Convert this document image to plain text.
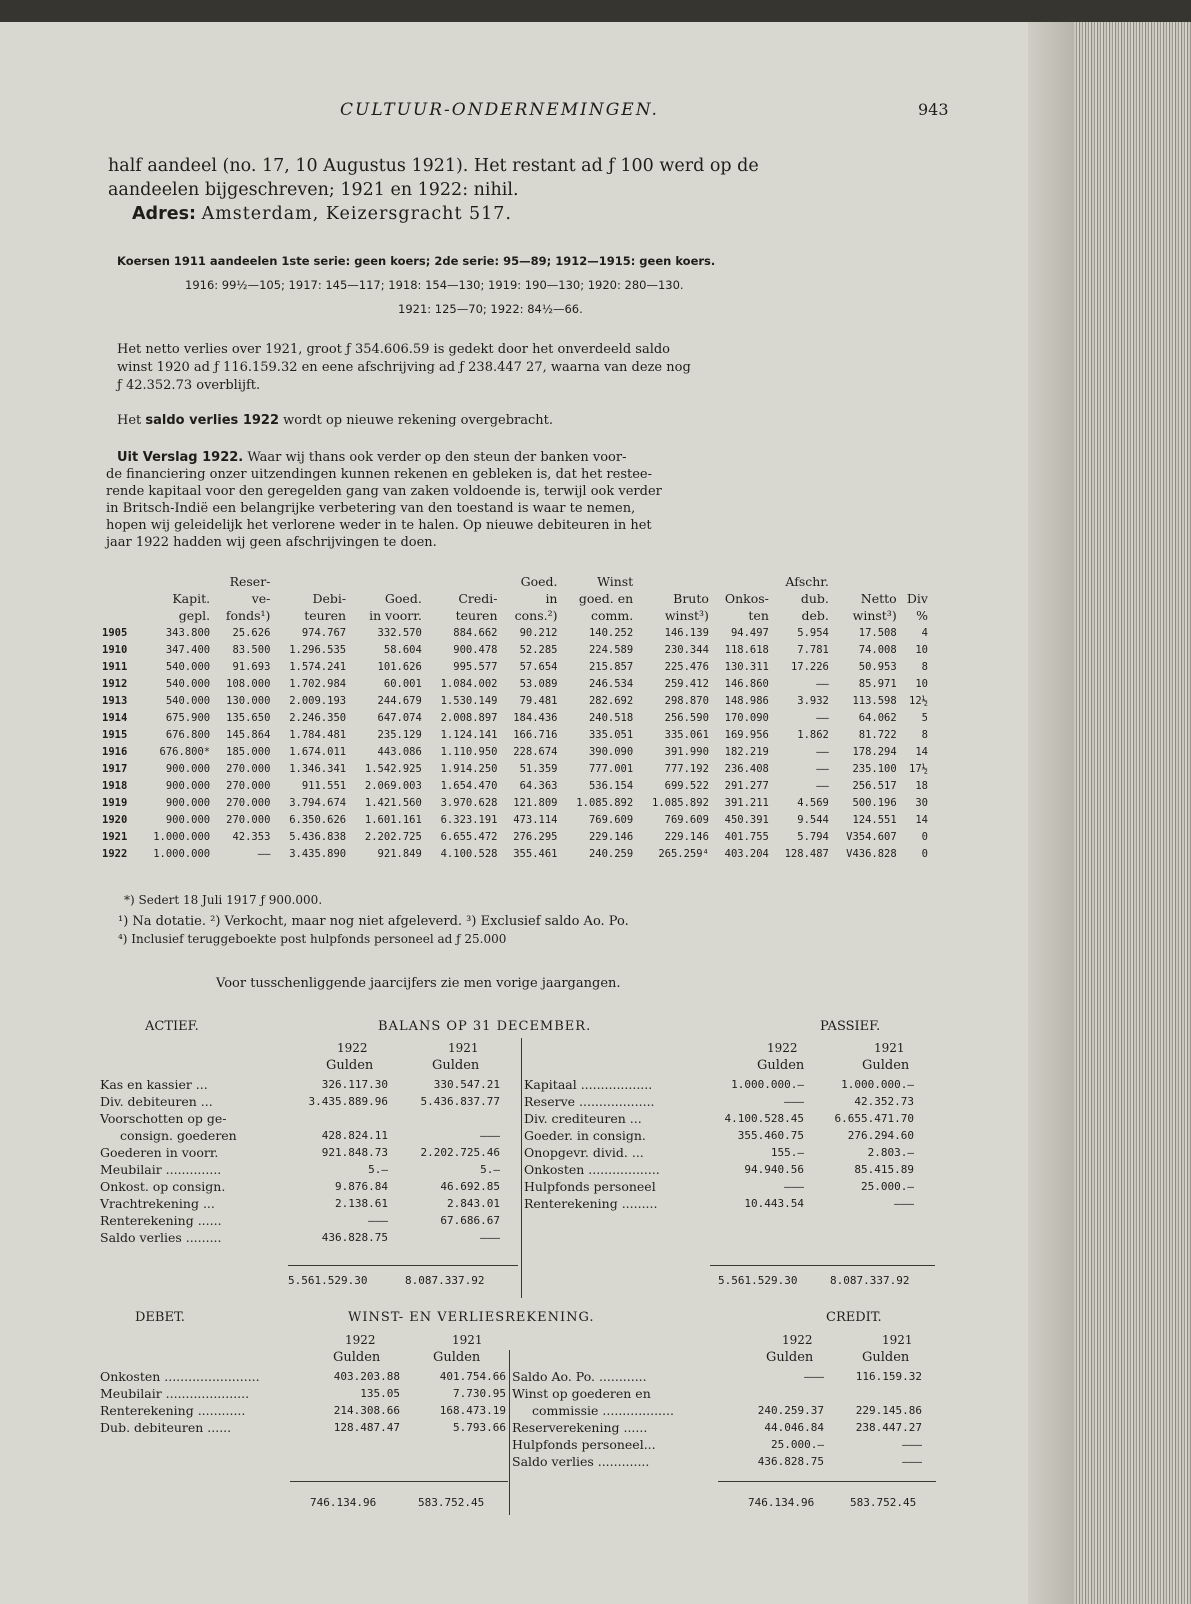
CULTUUR-ONDERNEMINGEN.	943
half aandeel (no. 17, 10 Augustus 1921). Het restant ad ƒ 100 werd op de
aandeelen bijgeschreven; 1921 en 1922: nihil.
Adres: Amsterdam, Keizersgracht 517.
Koersen 1911 aandeelen 1ste serie: geen koers; 2de serie: 95—89; 1912—1915: geen koers.
1916: 99½—105; 1917: 145—117; 1918: 154—130; 1919: 190—130; 1920: 280—130.
1921: 125—70; 1922: 84½—66.
Het netto verlies over 1921, groot ƒ 354.606.59 is gedekt door het onverdeeld saldo
winst 1920 ad ƒ 116.159.32 en eene afschrijving ad ƒ 238.447 27, waarna van deze nog
ƒ 42.352.73 overblijft.
Het saldo verlies 1922 wordt op nieuwe rekening overgebracht.
Uit Verslag 1922. Waar wij thans ook verder op den steun der banken voor-
de financiering onzer uitzendingen kunnen rekenen en gebleken is, dat het restee-
rende kapitaal voor den geregelden gang van zaken voldoende is, terwijl ook verder
in Britsch-Indië een belangrijke verbetering van den toestand is waar te nemen,
hopen wij geleidelijk het verlorene weder in te halen. Op nieuwe debiteuren in het
jaar 1922 hadden wij geen afschrijvingen te doen.
		Reser-				Goed.	Winst			Afschr.		
	Kapit.	ve-	Debi-	Goed.	Credi-	in	goed. en	Bruto	Onkos-	dub.	Netto	Div
	gepl.	fonds¹)	teuren	in voorr.	teuren	cons.²)	comm.	winst³)	ten	deb.	winst³)	%
1905	343.800	25.626	974.767	332.570	884.662	90.212	140.252	146.139	94.497	5.954	17.508	4
1910	347.400	83.500	1.296.535	58.604	900.478	52.285	224.589	230.344	118.618	7.781	74.008	10
1911	540.000	91.693	1.574.241	101.626	995.577	57.654	215.857	225.476	130.311	17.226	50.953	8
1912	540.000	108.000	1.702.984	60.001	1.084.002	53.089	246.534	259.412	146.860	——	85.971	10
1913	540.000	130.000	2.009.193	244.679	1.530.149	79.481	282.692	298.870	148.986	3.932	113.598	12½
1914	675.900	135.650	2.246.350	647.074	2.008.897	184.436	240.518	256.590	170.090	——	64.062	5
1915	676.800	145.864	1.784.481	235.129	1.124.141	166.716	335.051	335.061	169.956	1.862	81.722	8
1916	676.800*	185.000	1.674.011	443.086	1.110.950	228.674	390.090	391.990	182.219	——	178.294	14
1917	900.000	270.000	1.346.341	1.542.925	1.914.250	51.359	777.001	777.192	236.408	——	235.100	17½
1918	900.000	270.000	911.551	2.069.003	1.654.470	64.363	536.154	699.522	291.277	——	256.517	18
1919	900.000	270.000	3.794.674	1.421.560	3.970.628	121.809	1.085.892	1.085.892	391.211	4.569	500.196	30
1920	900.000	270.000	6.350.626	1.601.161	6.323.191	473.114	769.609	769.609	450.391	9.544	124.551	14
1921	1.000.000	42.353	5.436.838	2.202.725	6.655.472	276.295	229.146	229.146	401.755	5.794	V354.607	0
1922	1.000.000	——	3.435.890	921.849	4.100.528	355.461	240.259	265.259⁴	403.204	128.487	V436.828	0
*) Sedert 18 Juli 1917 ƒ 900.000.
¹) Na dotatie. ²) Verkocht, maar nog niet afgeleverd. ³) Exclusief saldo Ao. Po.
⁴) Inclusief teruggeboekte post hulpfonds personeel ad ƒ 25.000
Voor tusschenliggende jaarcijfers zie men vorige jaargangen.
ACTIEF.	BALANS OP 31 DECEMBER.	PASSIEF.
1922	1921
Gulden	Gulden
1922	1921
Gulden	Gulden
Kas en kassier ...	326.117.30	330.547.21
Div. debiteuren ...	3.435.889.96	5.436.837.77
Voorschotten op ge-
consign. goederen	428.824.11	———
Goederen in voorr.	921.848.73	2.202.725.46
Meubilair ..............	5.—	5.—
Onkost. op consign.	9.876.84	46.692.85
Vrachtrekening ...	2.138.61	2.843.01
Renterekening ......	———	67.686.67
Saldo verlies .........	436.828.75	———
Kapitaal ..................	1.000.000.—	1.000.000.—
Reserve ...................	———	42.352.73
Div. crediteuren ...	4.100.528.45	6.655.471.70
Goeder. in consign.	355.460.75	276.294.60
Onopgevr. divid. ...	155.—	2.803.—
Onkosten ..................	94.940.56	85.415.89
Hulpfonds personeel	———	25.000.—
Renterekening .........	10.443.54	———
5.561.529.30	8.087.337.92	5.561.529.30	8.087.337.92
DEBET.	WINST- EN VERLIESREKENING.	CREDIT.
1922	1921
Gulden	Gulden
1922	1921
Gulden	Gulden
Onkosten ........................	403.203.88	401.754.66
Meubilair .....................	135.05	7.730.95
Renterekening ............	214.308.66	168.473.19
Dub. debiteuren ......	128.487.47	5.793.66
Saldo Ao. Po. ............	———	116.159.32
Winst op goederen en
commissie ..................	240.259.37	229.145.86
Reserverekening ......	44.046.84	238.447.27
Hulpfonds personeel...	25.000.—	———
Saldo verlies .............	436.828.75	———
746.134.96	583.752.45	746.134.96	583.752.45
